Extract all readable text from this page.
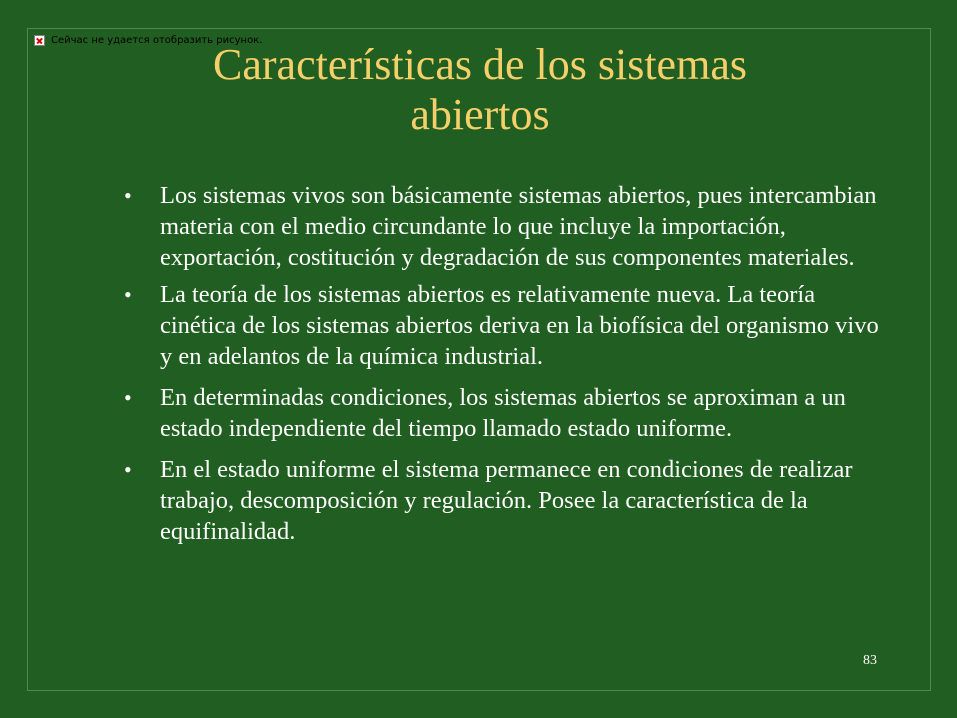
Сейчас не удается отобразить рисунок.
Características de los sistemas
abiertos
• Los sistemas vivos son básicamente sistemas abiertos, pues intercambian materia con el medio circundante lo que incluye la importación, exportación, costitución y degradación de sus componentes materiales.
• La teoría de los sistemas abiertos es relativamente nueva. La teoría cinética de los sistemas abiertos deriva en la biofísica del organismo vivo y en adelantos de la química industrial.
• En determinadas condiciones, los sistemas abiertos se aproximan a un estado independiente del tiempo llamado estado uniforme.
• En el estado uniforme el sistema permanece en condiciones de realizar trabajo, descomposición y regulación. Posee la característica de la equifinalidad.
83
